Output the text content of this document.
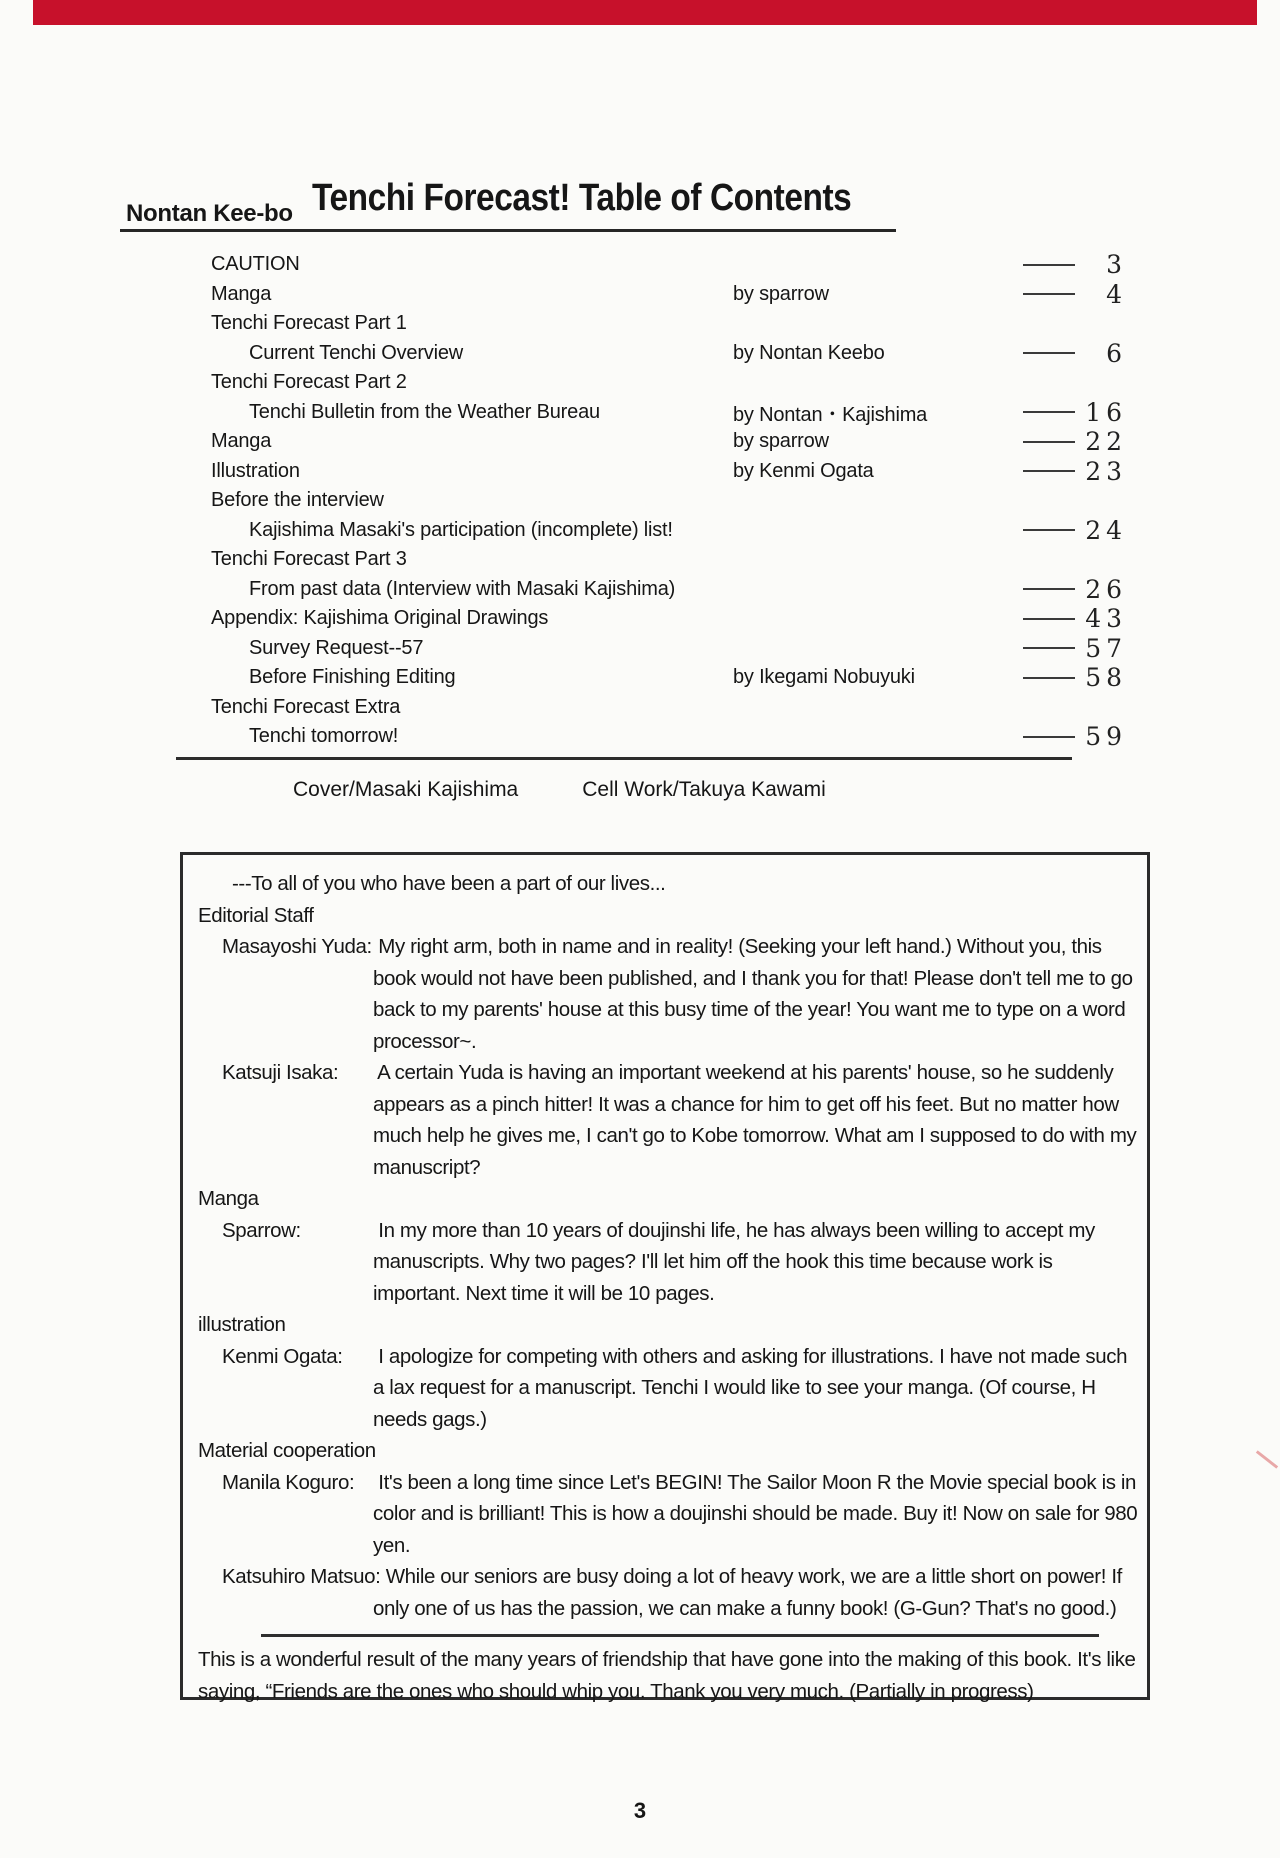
Nontan Kee-bo Tenchi Forecast! Table of Contents
CAUTION	3
Manga	by sparrow	4
Tenchi Forecast Part 1
Current Tenchi Overview	by Nontan Keebo	6
Tenchi Forecast Part 2
Tenchi Bulletin from the Weather Bureau	by Nontan・Kajishima	16
Manga	by sparrow	22
Illustration	by Kenmi Ogata	23
Before the interview
Kajishima Masaki's participation (incomplete) list!	24
Tenchi Forecast Part 3
From past data (Interview with Masaki Kajishima)	26
Appendix: Kajishima Original Drawings	43
Survey Request--57	57
Before Finishing Editing	by Ikegami Nobuyuki	58
Tenchi Forecast Extra
Tenchi tomorrow!	59
Cover/Masaki Kajishima	Cell Work/Takuya Kawami

---To all of you who have been a part of our lives...

Editorial Staff

Masayoshi Yuda: My right arm, both in name and in reality! (Seeking your left hand.) Without you, this book would not have been published, and I thank you for that! Please don't tell me to go back to my parents' house at this busy time of the year! You want me to type on a word processor~.

Katsuji Isaka: A certain Yuda is having an important weekend at his parents' house, so he suddenly appears as a pinch hitter! It was a chance for him to get off his feet. But no matter how much help he gives me, I can't go to Kobe tomorrow. What am I supposed to do with my manuscript?

Manga

Sparrow:	In my more than 10 years of doujinshi life, he has always been willing to accept my manuscripts. Why two pages? I'll let him off the hook this time because work is important. Next time it will be 10 pages.

illustration

Kenmi Ogata: I apologize for competing with others and asking for illustrations. I have not made such a lax request for a manuscript. Tenchi I would like to see your manga. (Of course, H needs gags.)

Material cooperation

Manila Koguro: It's been a long time since Let's BEGIN! The Sailor Moon R the Movie special book is in color and is brilliant! This is how a doujinshi should be made. Buy it! Now on sale for 980 yen.

Katsuhiro Matsuo: While our seniors are busy doing a lot of heavy work, we are a little short on power! If only one of us has the passion, we can make a funny book! (G-Gun? That's no good.)

This is a wonderful result of the many years of friendship that have gone into the making of this book. It's like saying, “Friends are the ones who should whip you. Thank you very much. (Partially in progress)

3
